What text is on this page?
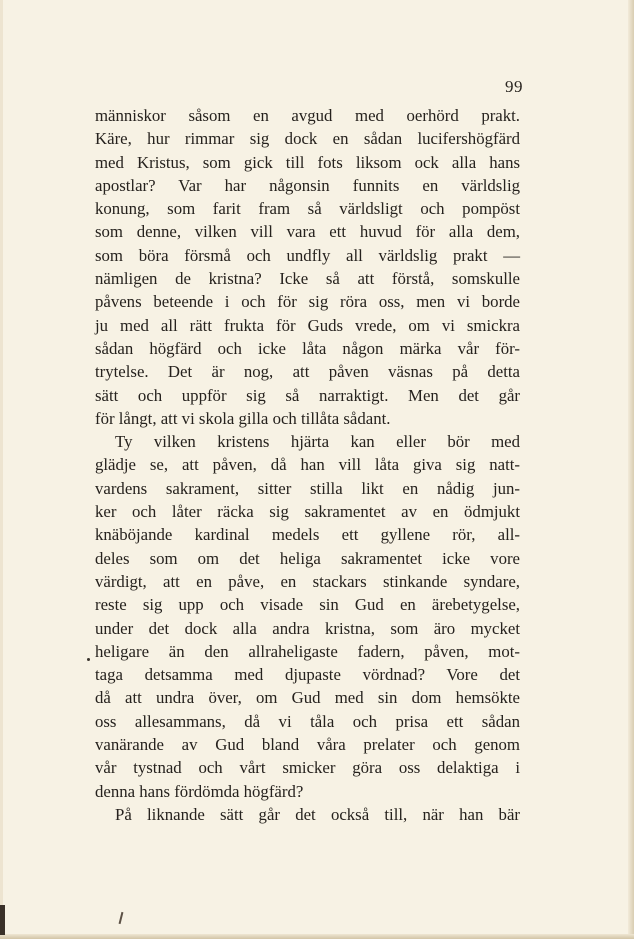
99
människor såsom en avgud med oerhörd prakt.
Käre, hur rimmar sig dock en sådan lucifershögfärd
med Kristus, som gick till fots liksom ock alla hans
apostlar? Var har någonsin funnits en världslig
konung, som farit fram så världsligt och pompöst
som denne, vilken vill vara ett huvud för alla dem,
som böra försmå och undfly all världslig prakt —
nämligen de kristna? Icke så att förstå, somskulle
påvens beteende i och för sig röra oss, men vi borde
ju med all rätt frukta för Guds vrede, om vi smickra
sådan högfärd och icke låta någon märka vår för-
trytelse. Det är nog, att påven väsnas på detta
sätt och uppför sig så narraktigt. Men det går
för långt, att vi skola gilla och tillåta sådant.
Ty vilken kristens hjärta kan eller bör med
glädje se, att påven, då han vill låta giva sig natt-
vardens sakrament, sitter stilla likt en nådig jun-
ker och låter räcka sig sakramentet av en ödmjukt
knäböjande kardinal medels ett gyllene rör, all-
deles som om det heliga sakramentet icke vore
värdigt, att en påve, en stackars stinkande syndare,
reste sig upp och visade sin Gud en ärebetygelse,
under det dock alla andra kristna, som äro mycket
heligare än den allraheligaste fadern, påven, mot-
taga detsamma med djupaste vördnad? Vore det
då att undra över, om Gud med sin dom hemsökte
oss allesammans, då vi tåla och prisa ett sådan
vanärande av Gud bland våra prelater och genom
vår tystnad och vårt smicker göra oss delaktiga i
denna hans fördömda högfärd?
På liknande sätt går det också till, när han bär
